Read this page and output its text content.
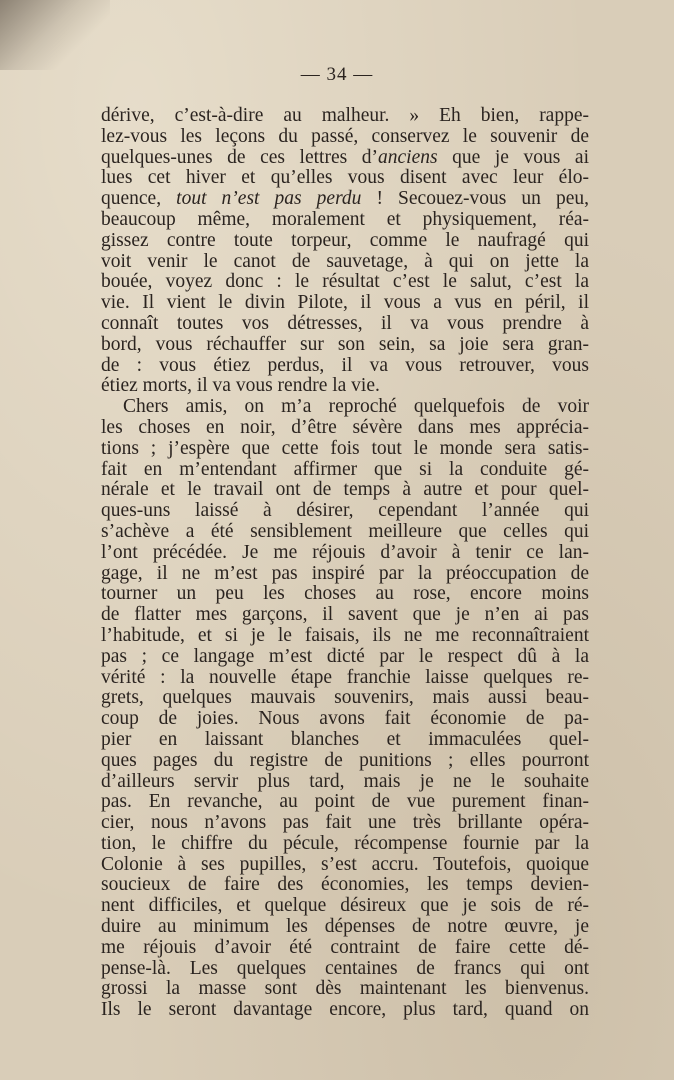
— 34 —
dérive, c’est-à-dire au malheur. » Eh bien, rappe-
lez-vous les leçons du passé, conservez le souvenir de
quelques-unes de ces lettres d’anciens que je vous ai
lues cet hiver et qu’elles vous disent avec leur élo-
quence, tout n’est pas perdu ! Secouez-vous un peu,
beaucoup même, moralement et physiquement, réa-
gissez contre toute torpeur, comme le naufragé qui
voit venir le canot de sauvetage, à qui on jette la
bouée, voyez donc : le résultat c’est le salut, c’est la
vie. Il vient le divin Pilote, il vous a vus en péril, il
connaît toutes vos détresses, il va vous prendre à
bord, vous réchauffer sur son sein, sa joie sera gran-
de : vous étiez perdus, il va vous retrouver, vous
étiez morts, il va vous rendre la vie.
Chers amis, on m’a reproché quelquefois de voir
les choses en noir, d’être sévère dans mes apprécia-
tions ; j’espère que cette fois tout le monde sera satis-
fait en m’entendant affirmer que si la conduite gé-
nérale et le travail ont de temps à autre et pour quel-
ques-uns laissé à désirer, cependant l’année qui
s’achève a été sensiblement meilleure que celles qui
l’ont précédée. Je me réjouis d’avoir à tenir ce lan-
gage, il ne m’est pas inspiré par la préoccupation de
tourner un peu les choses au rose, encore moins
de flatter mes garçons, il savent que je n’en ai pas
l’habitude, et si je le faisais, ils ne me reconnaîtraient
pas ; ce langage m’est dicté par le respect dû à la
vérité : la nouvelle étape franchie laisse quelques re-
grets, quelques mauvais souvenirs, mais aussi beau-
coup de joies. Nous avons fait économie de pa-
pier en laissant blanches et immaculées quel-
ques pages du registre de punitions ; elles pourront
d’ailleurs servir plus tard, mais je ne le souhaite
pas. En revanche, au point de vue purement finan-
cier, nous n’avons pas fait une très brillante opéra-
tion, le chiffre du pécule, récompense fournie par la
Colonie à ses pupilles, s’est accru. Toutefois, quoique
soucieux de faire des économies, les temps devien-
nent difficiles, et quelque désireux que je sois de ré-
duire au minimum les dépenses de notre œuvre, je
me réjouis d’avoir été contraint de faire cette dé-
pense-là. Les quelques centaines de francs qui ont
grossi la masse sont dès maintenant les bienvenus.
Ils le seront davantage encore, plus tard, quand on
